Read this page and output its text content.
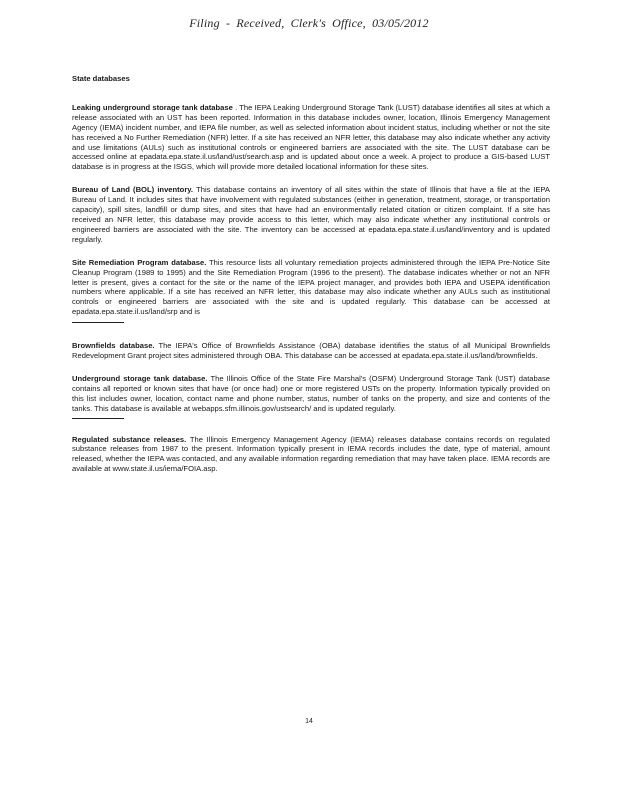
Filing - Received, Clerk's Office, 03/05/2012
State databases

Leaking underground storage tank database . The IEPA Leaking Underground Storage Tank (LUST) database identifies all sites at which a release associated with an UST has been reported. Information in this database includes owner, location, Illinois Emergency Management Agency (IEMA) incident number, and IEPA file number, as well as selected information about incident status, including whether or not the site has received a No Further Remediation (NFR) letter. If a site has received an NFR letter, this database may also indicate whether any activity and use limitations (AULs) such as institutional controls or engineered barriers are associated with the site. The LUST database can be accessed online at epadata.epa.state.il.us/land/ust/search.asp and is updated about once a week. A project to produce a GIS-based LUST database is in progress at the ISGS, which will provide more detailed locational information for these sites.

Bureau of Land (BOL) inventory. This database contains an inventory of all sites within the state of Illinois that have a file at the IEPA Bureau of Land. It includes sites that have involvement with regulated substances (either in generation, treatment, storage, or transportation capacity), spill sites, landfill or dump sites, and sites that have had an environmentally related citation or citizen complaint. If a site has received an NFR letter, this database may provide access to this letter, which may also indicate whether any institutional controls or engineered barriers are associated with the site. The inventory can be accessed at epadata.epa.state.il.us/land/inventory and is updated regularly.

Site Remediation Program database. This resource lists all voluntary remediation projects administered through the IEPA Pre-Notice Site Cleanup Program (1989 to 1995) and the Site Remediation Program (1996 to the present). The database indicates whether or not an NFR letter is present, gives a contact for the site or the name of the IEPA project manager, and provides both IEPA and USEPA identification numbers where applicable. If a site has received an NFR letter, this database may also indicate whether any AULs such as institutional controls or engineered barriers are associated with the site and is updated regularly. This database can be accessed at epadata.epa.state.il.us/land/srp and is

Brownfields database. The IEPA's Office of Brownfields Assistance (OBA) database identifies the status of all Municipal Brownfields Redevelopment Grant project sites administered through OBA. This database can be accessed at epadata.epa.state.il.us/land/brownfields.

Underground storage tank database. The Illinois Office of the State Fire Marshal's (OSFM) Underground Storage Tank (UST) database contains all reported or known sites that have (or once had) one or more registered USTs on the property. Information typically provided on this list includes owner, location, contact name and phone number, status, number of tanks on the property, and size and contents of the tanks. This database is available at webapps.sfm.illinois.gov/ustsearch/ and is updated regularly.

Regulated substance releases. The Illinois Emergency Management Agency (IEMA) releases database contains records on regulated substance releases from 1987 to the present. Information typically present in IEMA records includes the date, type of material, amount released, whether the IEPA was contacted, and any available information regarding remediation that may have taken place. IEMA records are available at www.state.il.us/iema/FOIA.asp.

14
